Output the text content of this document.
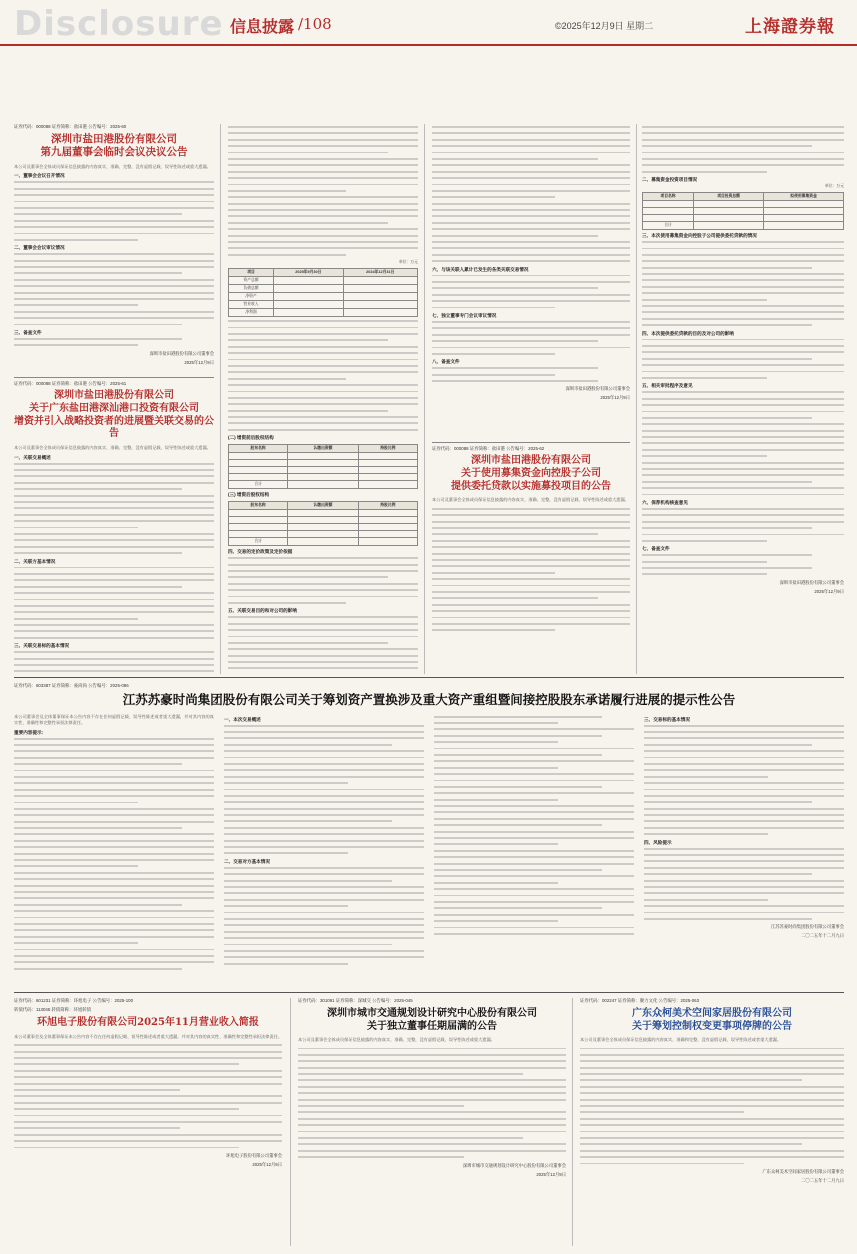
Disclosure 信息披露 /108	©2025年12月9日 星期二	上海證券報
证券代码：000088 证券简称：盐田港 公告编号：2025-60
深圳市盐田港股份有限公司
第九届董事会临时会议决议公告
本公司及董事会全体成员保证信息披露的内容真实、准确、完整，没有虚假记载、误导性陈述或重大遗漏。
一、董事会会议召开情况
二、董事会会议审议情况
三、备查文件
深圳市盐田港股份有限公司董事会
2025年12月9日
证券代码：000088 证券简称：盐田港 公告编号：2025-61
深圳市盐田港股份有限公司
关于广东盐田港深汕港口投资有限公司
增资并引入战略投资者的进展暨关联交易的公告
本公司及董事会全体成员保证信息披露的内容真实、准确、完整，没有虚假记载、误导性陈述或重大遗漏。
一、关联交易概述
二、关联方基本情况
三、关联交易标的基本情况
单位：万元
项目	2025年9月30日	2024年12月31日
资产总额		
负债总额		
净资产		
营业收入		
净利润		
(二) 增资前后股权结构
股东名称	认缴出资额	持股比例

合计		
(三) 增资后股权结构
股东名称	认缴出资额	持股比例

合计		
四、交易的定价政策及定价依据
五、关联交易目的和对公司的影响
六、与该关联人累计已发生的各类关联交易情况
七、独立董事专门会议审议情况
八、备查文件
深圳市盐田港股份有限公司董事会
2025年12月9日
证券代码：000088 证券简称：盐田港 公告编号：2025-62
深圳市盐田港股份有限公司
关于使用募集资金向控股子公司
提供委托贷款以实施募投项目的公告
本公司及董事会全体成员保证信息披露的内容真实、准确、完整，没有虚假记载、误导性陈述或重大遗漏。
二、募集资金投资项目情况
单位：万元
项目名称	项目投资总额	拟使用募集资金

合计		
三、本次使用募集资金向控股子公司提供委托贷款的情况
四、本次提供委托贷款的目的及对公司的影响
五、相关审批程序及意见
六、保荐机构核查意见
七、备查文件
深圳市盐田港股份有限公司董事会
2025年12月9日
证券代码：603387 证券简称：豪尚尚 公告编号：2025-086
江苏苏豪时尚集团股份有限公司关于筹划资产置换涉及重大资产重组暨间接控股股东承诺履行进展的提示性公告
本公司董事会及全体董事保证本公告内容不存在任何虚假记载、误导性陈述或者重大遗漏，并对其内容的真实性、准确性和完整性承担法律责任。
重要内容提示：
一、本次交易概述
二、交易对方基本情况
三、交易标的基本情况
四、风险提示
江苏苏豪时尚集团股份有限公司董事会
二〇二五年十二月九日
证券代码：601231 证券简称：环旭电子 公告编号：2025-100
转债代码：113045 转债简称：环旭转债
环旭电子股份有限公司2025年11月营业收入简报
本公司董事会及全体董事保证本公告内容不存在任何虚假记载、误导性陈述或者重大遗漏，并对其内容的真实性、准确性和完整性承担法律责任。
环旭电子股份有限公司董事会
2025年12月9日
证券代码：301091 证券简称：深城交 公告编号：2025-045
深圳市城市交通规划设计研究中心股份有限公司
关于独立董事任期届满的公告
本公司及董事会全体成员保证信息披露的内容真实、准确、完整，没有虚假记载、误导性陈述或重大遗漏。
深圳市城市交通规划设计研究中心股份有限公司董事会
2025年12月9日
证券代码：002247 证券简称：聚力文化 公告编号：2025-063
广东众柯美术空间家居股份有限公司
关于筹划控制权变更事项停牌的公告
本公司及董事会全体成员保证信息披露的内容真实、准确和完整，没有虚假记载、误导性陈述或者重大遗漏。
广东众柯美术空间家居股份有限公司董事会
二〇二五年十二月九日
